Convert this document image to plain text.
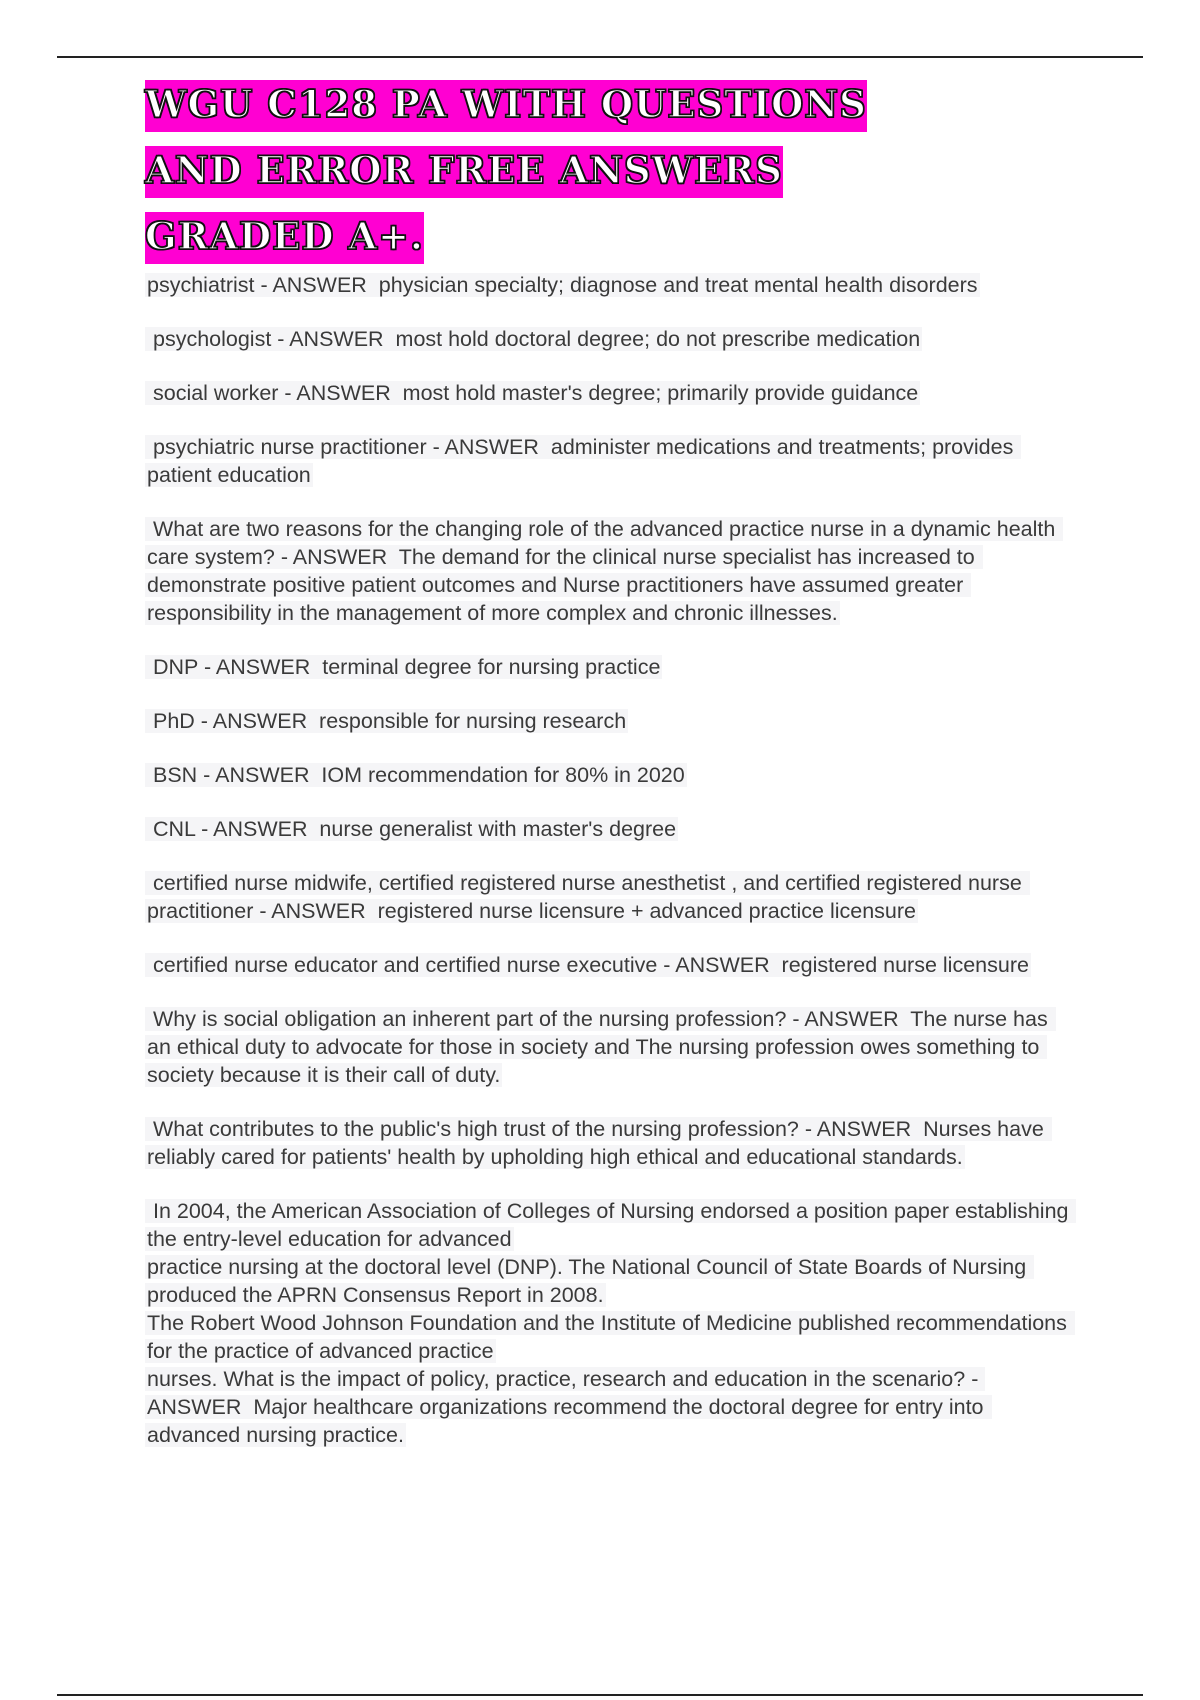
WGU C128 PA WITH QUESTIONS AND ERROR FREE ANSWERS GRADED A+.

psychiatrist - ANSWER  physician specialty; diagnose and treat mental health disorders

psychologist - ANSWER  most hold doctoral degree; do not prescribe medication

social worker - ANSWER  most hold master's degree; primarily provide guidance

psychiatric nurse practitioner - ANSWER  administer medications and treatments; provides patient education

What are two reasons for the changing role of the advanced practice nurse in a dynamic health care system? - ANSWER  The demand for the clinical nurse specialist has increased to demonstrate positive patient outcomes and Nurse practitioners have assumed greater responsibility in the management of more complex and chronic illnesses.

DNP - ANSWER  terminal degree for nursing practice

PhD - ANSWER  responsible for nursing research

BSN - ANSWER  IOM recommendation for 80% in 2020

CNL - ANSWER  nurse generalist with master's degree

certified nurse midwife, certified registered nurse anesthetist , and certified registered nurse practitioner - ANSWER  registered nurse licensure + advanced practice licensure

certified nurse educator and certified nurse executive - ANSWER  registered nurse licensure

Why is social obligation an inherent part of the nursing profession? - ANSWER  The nurse has an ethical duty to advocate for those in society and The nursing profession owes something to society because it is their call of duty.

What contributes to the public's high trust of the nursing profession? - ANSWER  Nurses have reliably cared for patients' health by upholding high ethical and educational standards.

In 2004, the American Association of Colleges of Nursing endorsed a position paper establishing the entry-level education for advanced
practice nursing at the doctoral level (DNP). The National Council of State Boards of Nursing produced the APRN Consensus Report in 2008.
The Robert Wood Johnson Foundation and the Institute of Medicine published recommendations for the practice of advanced practice
nurses. What is the impact of policy, practice, research and education in the scenario? - ANSWER  Major healthcare organizations recommend the doctoral degree for entry into advanced nursing practice.
